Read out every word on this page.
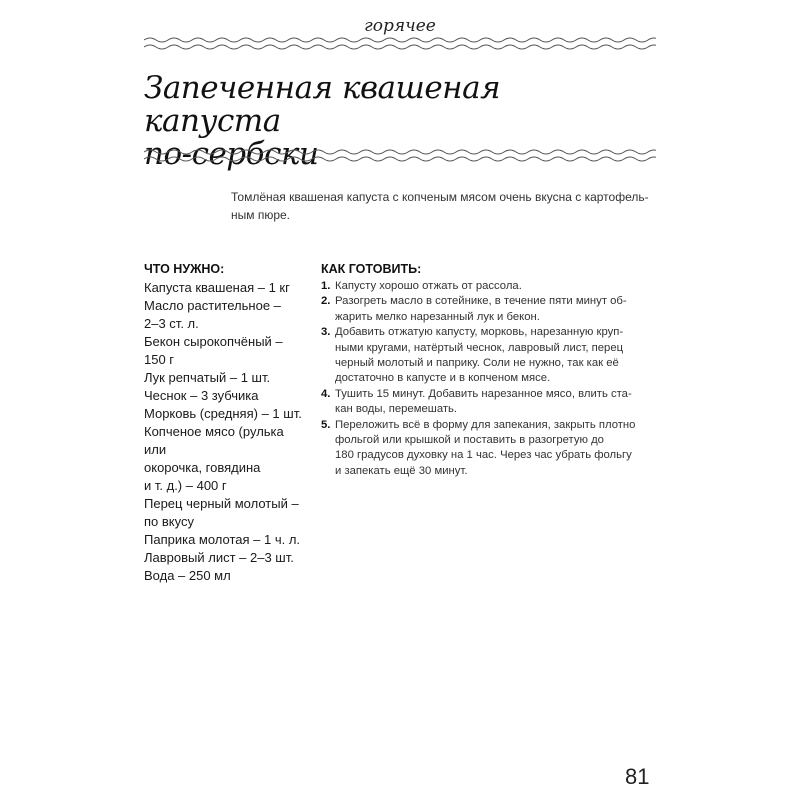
горячее
Запеченная квашеная капуста
по-сербски
Томлёная квашеная капуста с копченым мясом очень вкусна с картофель-
ным пюре.
ЧТО НУЖНО:
Капуста квашеная – 1 кг
Масло растительное –
2–3 ст. л.
Бекон сырокопчёный –
150 г
Лук репчатый – 1 шт.
Чеснок – 3 зубчика
Морковь (средняя) – 1 шт.
Копченое мясо (рулька или
окорочка, говядина
и т. д.) – 400 г
Перец черный молотый –
по вкусу
Паприка молотая – 1 ч. л.
Лавровый лист – 2–3 шт.
Вода – 250 мл
КАК ГОТОВИТЬ:
1. Капусту хорошо отжать от рассола.
2. Разогреть масло в сотейнике, в течение пяти минут об-
жарить мелко нарезанный лук и бекон.
3. Добавить отжатую капусту, морковь, нарезанную круп-
ными кругами, натёртый чеснок, лавровый лист, перец
черный молотый и паприку. Соли не нужно, так как её
достаточно в капусте и в копченом мясе.
4. Тушить 15 минут. Добавить нарезанное мясо, влить ста-
кан воды, перемешать.
5. Переложить всё в форму для запекания, закрыть плотно
фольгой или крышкой и поставить в разогретую до
180 градусов духовку на 1 час. Через час убрать фольгу
и запекать ещё 30 минут.
81
